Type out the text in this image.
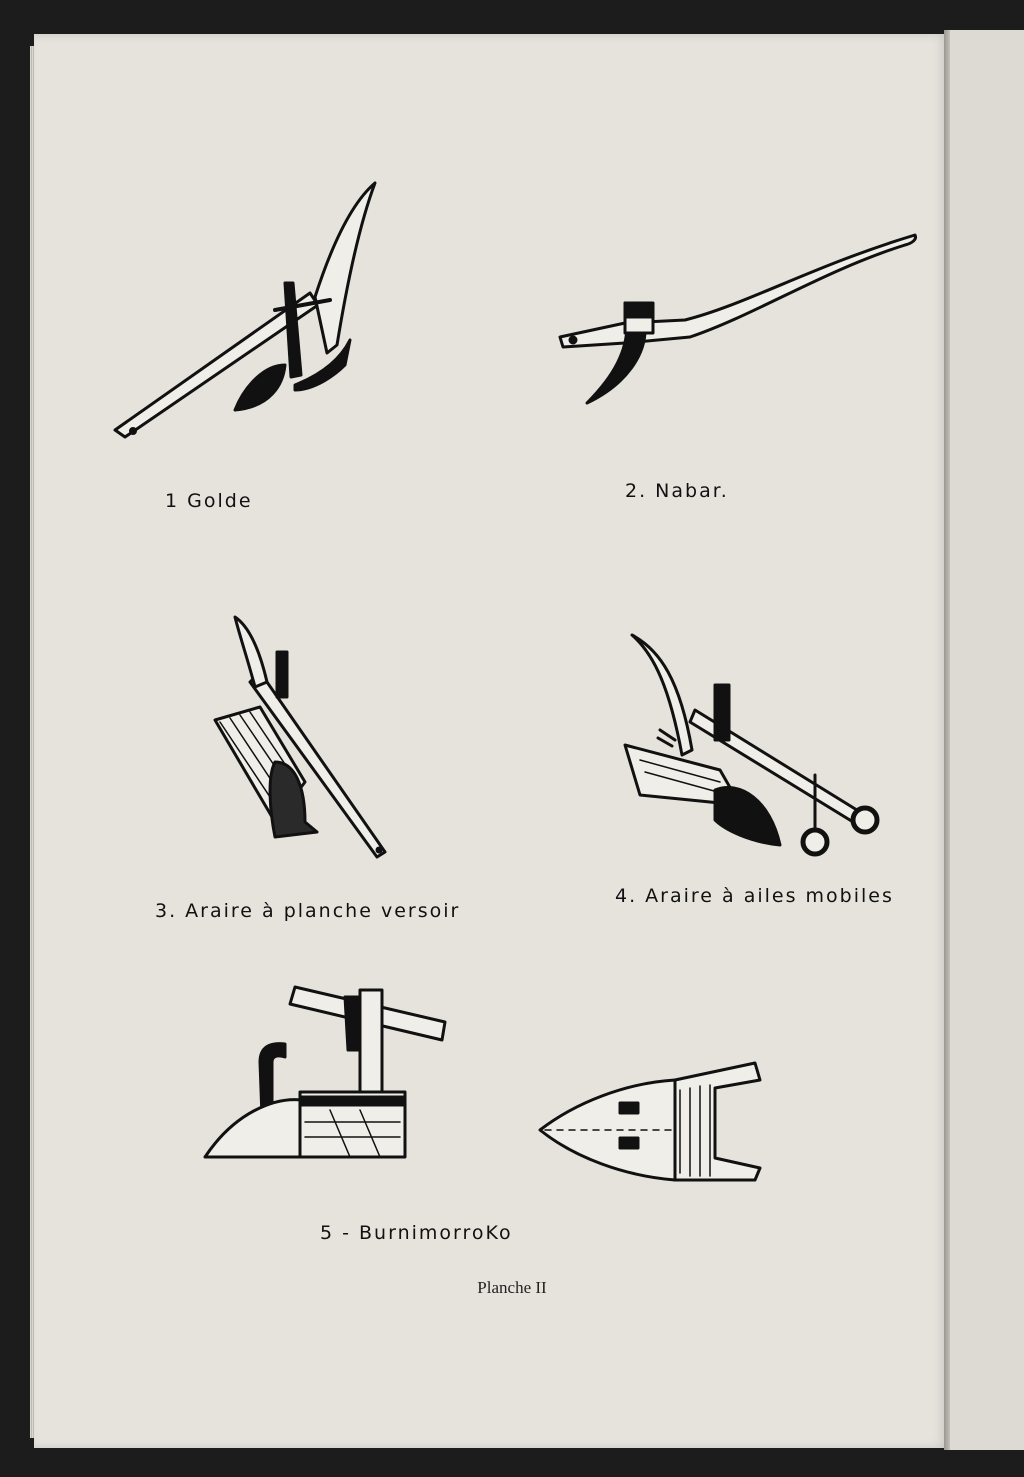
1 Golde	2. Nabar.
3. Araire à planche versoir
4. Araire à ailes mobiles
5 - BurnimorroKo
Planche II
